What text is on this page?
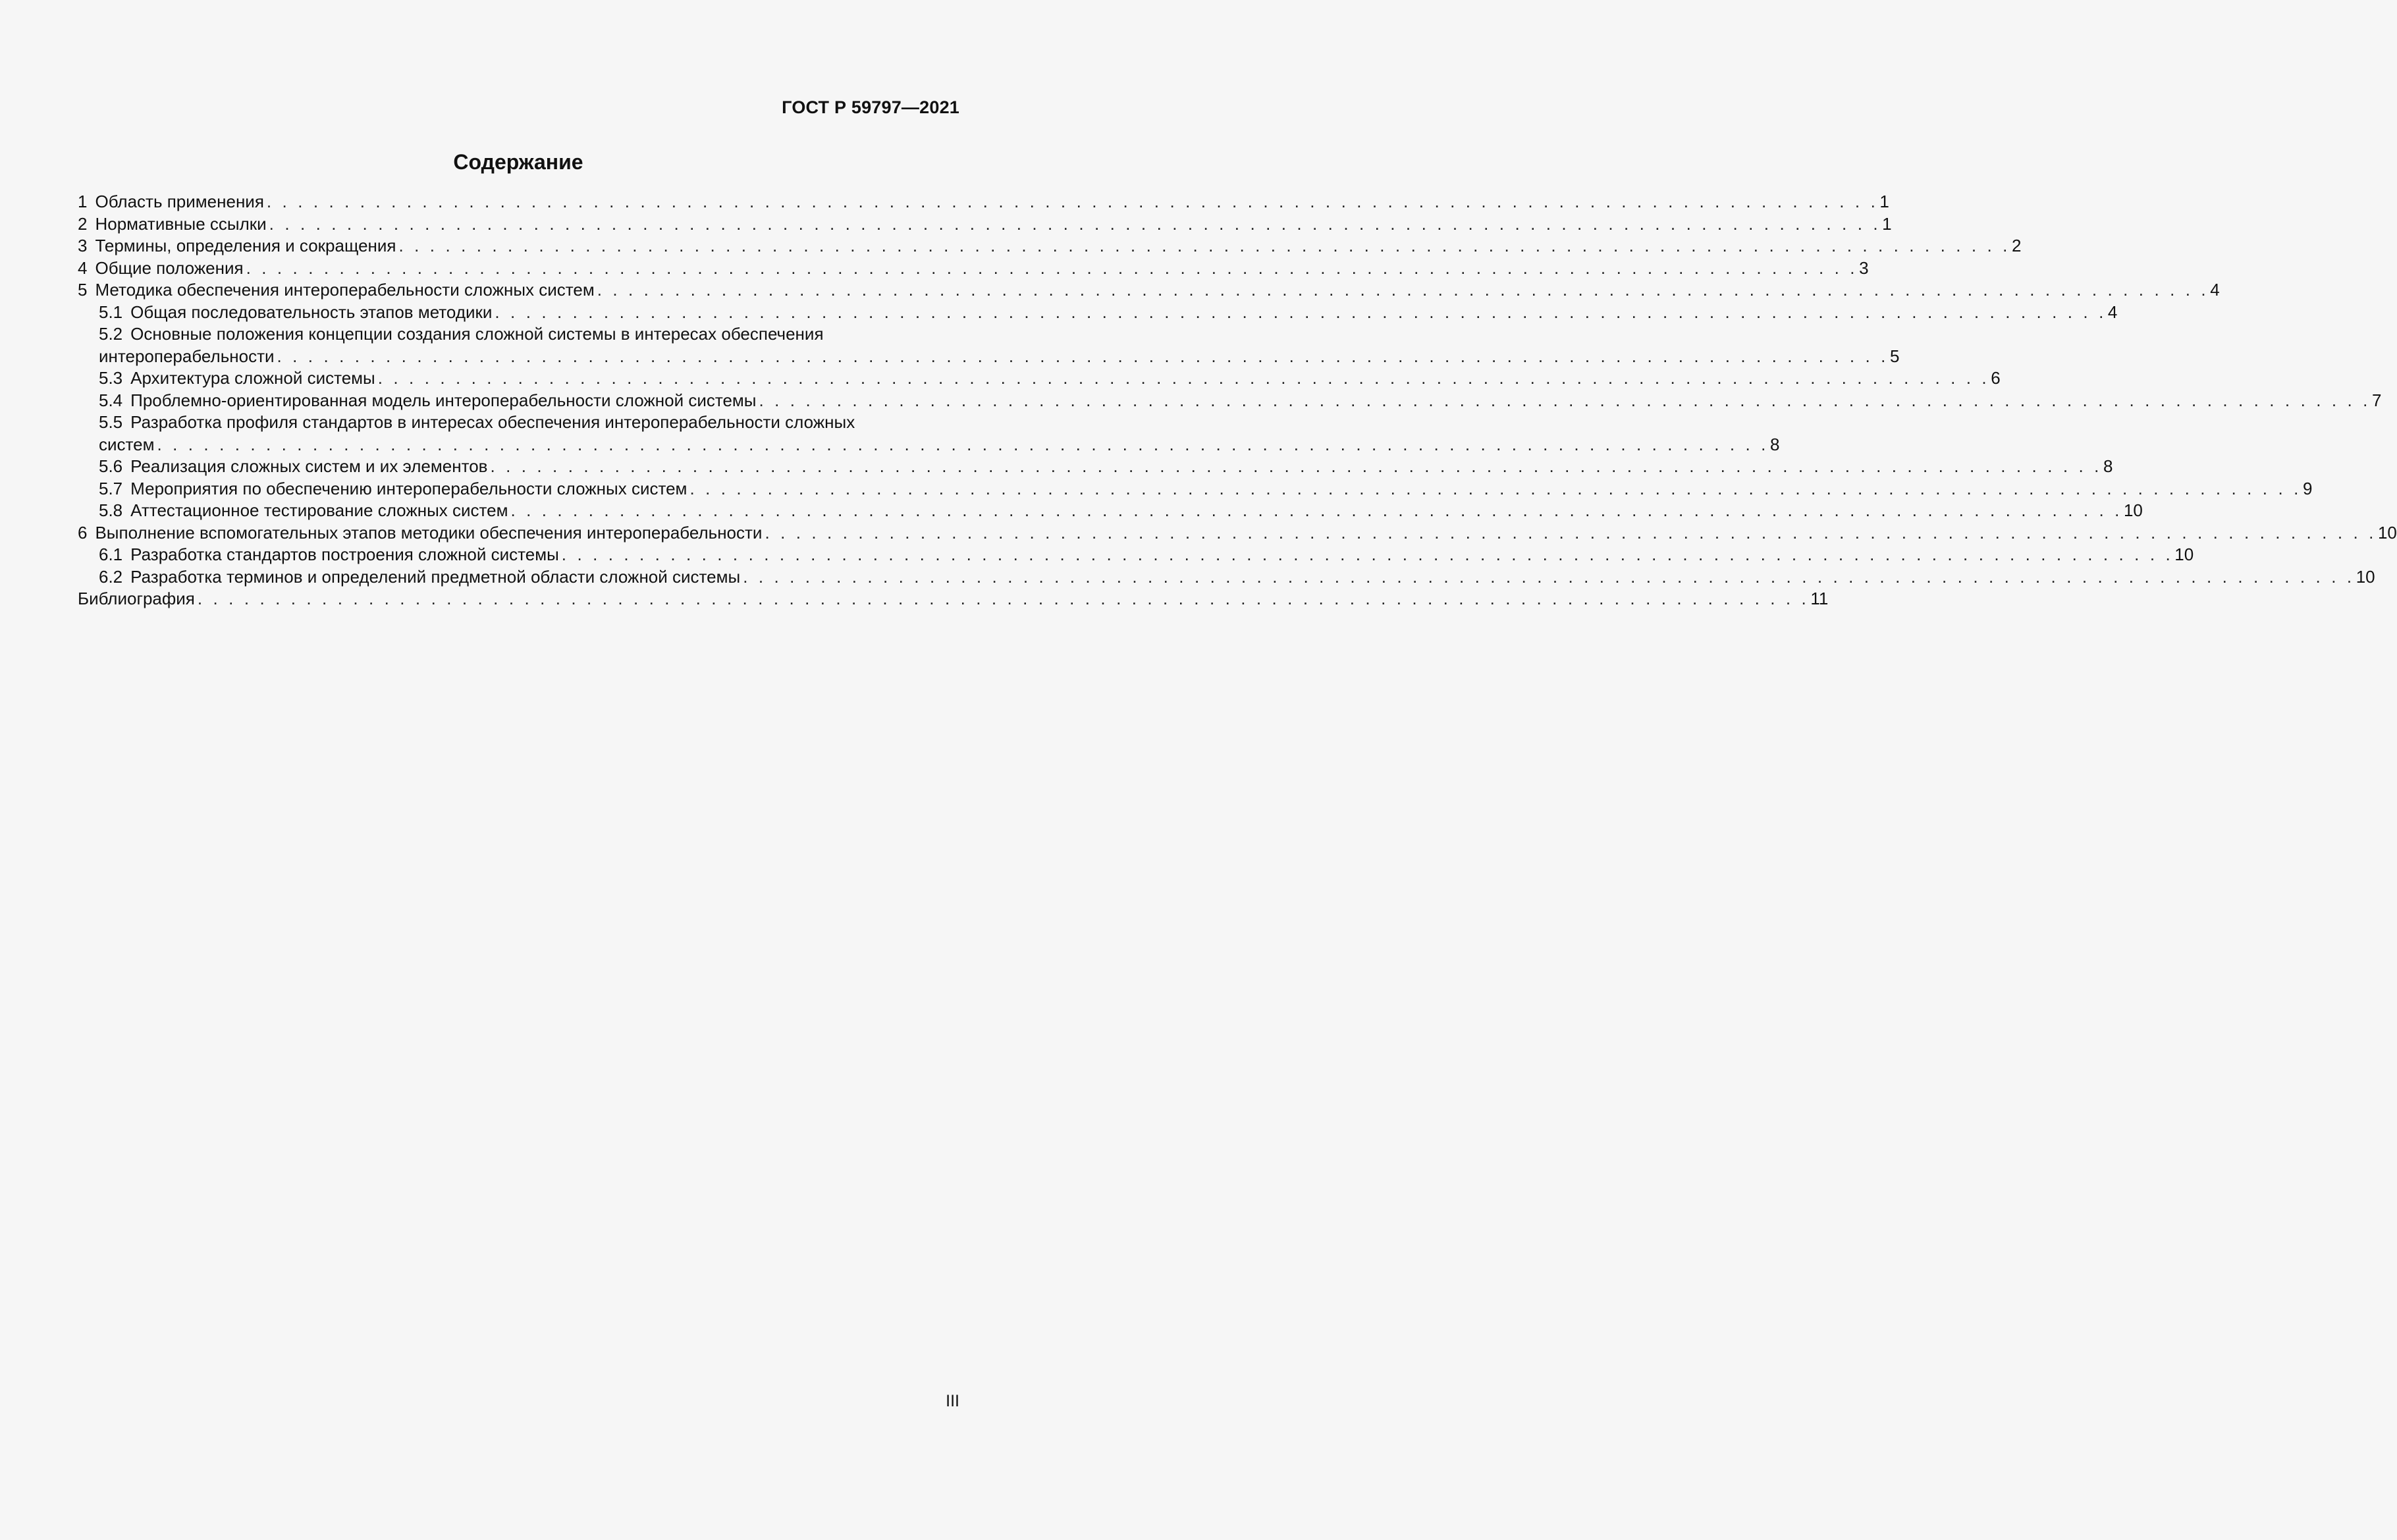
ГОСТ Р 59797—2021
Содержание
1 Область применения . . . . . . . . . . . . . . . . . . . . . . . . . . . . . . . . . . . . . . . . . . . . . . . . . . . . . . . . . . . . . . . . . . . . . . . . . . . . . . . . . . . . . . . . . . . . . . . . . . . . . . . . 1
2 Нормативные ссылки . . . . . . . . . . . . . . . . . . . . . . . . . . . . . . . . . . . . . . . . . . . . . . . . . . . . . . . . . . . . . . . . . . . . . . . . . . . . . . . . . . . . . . . . . . . . . . . . . . . . . . . . 1
3 Термины, определения и сокращения . . . . . . . . . . . . . . . . . . . . . . . . . . . . . . . . . . . . . . . . . . . . . . . . . . . . . . . . . . . . . . . . . . . . . . . . . . . . . . . . . . . . . . . . . . . . . . . . . . . . . . . . 2
4 Общие положения . . . . . . . . . . . . . . . . . . . . . . . . . . . . . . . . . . . . . . . . . . . . . . . . . . . . . . . . . . . . . . . . . . . . . . . . . . . . . . . . . . . . . . . . . . . . . . . . . . . . . . . . 3
5 Методика обеспечения интероперабельности сложных систем . . . . . . . . . . . . . . . . . . . . . . . . . . . . . . . . . . . . . . . . . . . . . . . . . . . . . . . . . . . . . . . . . . . . . . . . . . . . . . . . . . . . . . . . . . . . . . . . . . . . . . . . 4
5.1 Общая последовательность этапов методики . . . . . . . . . . . . . . . . . . . . . . . . . . . . . . . . . . . . . . . . . . . . . . . . . . . . . . . . . . . . . . . . . . . . . . . . . . . . . . . . . . . . . . . . . . . . . . . . . . . . . . . . 4
5.2 Основные положения концепции создания сложной системы в интересах обеспечения
интероперабельности . . . . . . . . . . . . . . . . . . . . . . . . . . . . . . . . . . . . . . . . . . . . . . . . . . . . . . . . . . . . . . . . . . . . . . . . . . . . . . . . . . . . . . . . . . . . . . . . . . . . . . . . 5
5.3 Архитектура сложной системы . . . . . . . . . . . . . . . . . . . . . . . . . . . . . . . . . . . . . . . . . . . . . . . . . . . . . . . . . . . . . . . . . . . . . . . . . . . . . . . . . . . . . . . . . . . . . . . . . . . . . . . . 6
5.4 Проблемно-ориентированная модель интероперабельности сложной системы . . . . . . . . . . . . . . . . . . . . . . . . . . . . . . . . . . . . . . . . . . . . . . . . . . . . . . . . . . . . . . . . . . . . . . . . . . . . . . . . . . . . . . . . . . . . . . . . . . . . . . . . 7
5.5 Разработка профиля стандартов в интересах обеспечения интероперабельности сложных
систем . . . . . . . . . . . . . . . . . . . . . . . . . . . . . . . . . . . . . . . . . . . . . . . . . . . . . . . . . . . . . . . . . . . . . . . . . . . . . . . . . . . . . . . . . . . . . . . . . . . . . . . . 8
5.6 Реализация сложных систем и их элементов . . . . . . . . . . . . . . . . . . . . . . . . . . . . . . . . . . . . . . . . . . . . . . . . . . . . . . . . . . . . . . . . . . . . . . . . . . . . . . . . . . . . . . . . . . . . . . . . . . . . . . . . 8
5.7 Мероприятия по обеспечению интероперабельности сложных систем . . . . . . . . . . . . . . . . . . . . . . . . . . . . . . . . . . . . . . . . . . . . . . . . . . . . . . . . . . . . . . . . . . . . . . . . . . . . . . . . . . . . . . . . . . . . . . . . . . . . . . . . 9
5.8 Аттестационное тестирование сложных систем . . . . . . . . . . . . . . . . . . . . . . . . . . . . . . . . . . . . . . . . . . . . . . . . . . . . . . . . . . . . . . . . . . . . . . . . . . . . . . . . . . . . . . . . . . . . . . . . . . . . . . . . 10
6 Выполнение вспомогательных этапов методики обеспечения интероперабельности . . . . . . . . . . . . . . . . . . . . . . . . . . . . . . . . . . . . . . . . . . . . . . . . . . . . . . . . . . . . . . . . . . . . . . . . . . . . . . . . . . . . . . . . . . . . . . . . . . . . . . . . 10
6.1 Разработка стандартов построения сложной системы . . . . . . . . . . . . . . . . . . . . . . . . . . . . . . . . . . . . . . . . . . . . . . . . . . . . . . . . . . . . . . . . . . . . . . . . . . . . . . . . . . . . . . . . . . . . . . . . . . . . . . . . 10
6.2 Разработка терминов и определений предметной области сложной системы . . . . . . . . . . . . . . . . . . . . . . . . . . . . . . . . . . . . . . . . . . . . . . . . . . . . . . . . . . . . . . . . . . . . . . . . . . . . . . . . . . . . . . . . . . . . . . . . . . . . . . . . 10
Библиография . . . . . . . . . . . . . . . . . . . . . . . . . . . . . . . . . . . . . . . . . . . . . . . . . . . . . . . . . . . . . . . . . . . . . . . . . . . . . . . . . . . . . . . . . . . . . . . . . . . . . . . . 11
III
